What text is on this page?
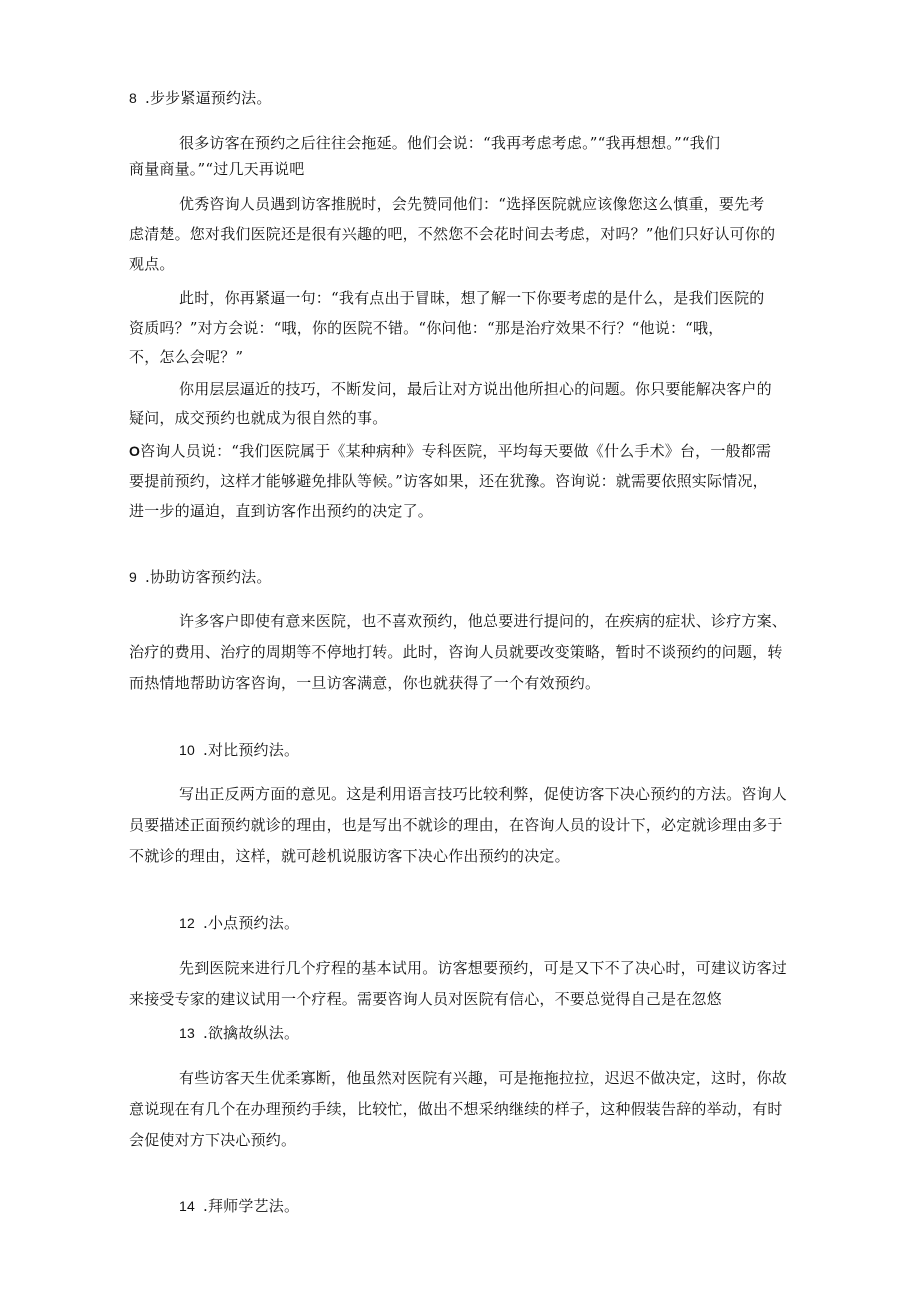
8 .步步紧逼预约法。
很多访客在预约之后往往会拖延。他们会说：“我再考虑考虑。”“我再想想。”“我们
商量商量。”“过几天再说吧
优秀咨询人员遇到访客推脱时，会先赞同他们：“选择医院就应该像您这么慎重，要先考
虑清楚。您对我们医院还是很有兴趣的吧，不然您不会花时间去考虑，对吗？”他们只好认可你的
观点。
此时，你再紧逼一句：“我有点出于冒昧，想了解一下你要考虑的是什么，是我们医院的
资质吗？”对方会说：“哦，你的医院不错。“你问他：“那是治疗效果不行？“他说：“哦，
不，怎么会呢？”
你用层层逼近的技巧，不断发问，最后让对方说出他所担心的问题。你只要能解决客户的
疑问，成交预约也就成为很自然的事。
O咨询人员说：“我们医院属于《某种病种》专科医院，平均每天要做《什么手术》台，一般都需
要提前预约，这样才能够避免排队等候。”访客如果，还在犹豫。咨询说：就需要依照实际情况，
进一步的逼迫，直到访客作出预约的决定了。
9 .协助访客预约法。
许多客户即使有意来医院，也不喜欢预约，他总要进行提问的，在疾病的症状、诊疗方案、
治疗的费用、治疗的周期等不停地打转。此时，咨询人员就要改变策略，暂时不谈预约的问题，转
而热情地帮助访客咨询，一旦访客满意，你也就获得了一个有效预约。
10 .对比预约法。
写出正反两方面的意见。这是利用语言技巧比较利弊，促使访客下决心预约的方法。咨询人
员要描述正面预约就诊的理由，也是写出不就诊的理由，在咨询人员的设计下，必定就诊理由多于
不就诊的理由，这样，就可趁机说服访客下决心作出预约的决定。
12 .小点预约法。
先到医院来进行几个疗程的基本试用。访客想要预约，可是又下不了决心时，可建议访客过
来接受专家的建议试用一个疗程。需要咨询人员对医院有信心，不要总觉得自己是在忽悠
13 .欲擒故纵法。
有些访客天生优柔寡断，他虽然对医院有兴趣，可是拖拖拉拉，迟迟不做决定，这时，你故
意说现在有几个在办理预约手续，比较忙，做出不想采纳继续的样子，这种假装告辞的举动，有时
会促使对方下决心预约。
14 .拜师学艺法。
